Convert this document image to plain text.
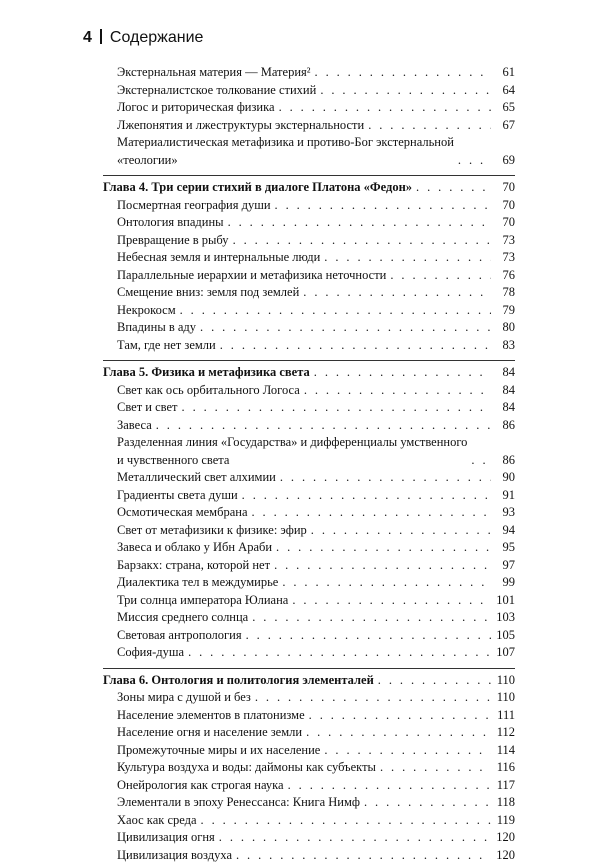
4 Содержание
Экстернальная материя — Материя² . . .	61
Экстерналистское толкование стихий . . .	64
Логос и риторическая физика . . .	65
Лжепонятия и лжеструктуры экстернальности . . .	67
Материалистическая метафизика и противо-Бог экстернальной
«теологии» . . .	69
Глава 4. Три серии стихий в диалоге Платона «Федон» . . .	70
Посмертная география души . . .	70
Онтология впадины . . .	70
Превращение в рыбу . . .	73
Небесная земля и интернальные люди . . .	73
Параллельные иерархии и метафизика неточности . . .	76
Смещение вниз: земля под землей . . .	78
Некрокосм . . .	79
Впадины в аду . . .	80
Там, где нет земли . . .	83
Глава 5. Физика и метафизика света . . .	84
Свет как ось орбитального Логоса . . .	84
Свет и свет . . .	84
Завеса . . .	86
Разделенная линия «Государства» и дифференциалы умственного
и чувственного света . . .	86
Металлический свет алхимии . . .	90
Градиенты света души . . .	91
Осмотическая мембрана . . .	93
Свет от метафизики к физике: эфир . . .	94
Завеса и облако у Ибн Араби . . .	95
Барзакх: страна, которой нет . . .	97
Диалектика тел в междумирье . . .	99
Три солнца императора Юлиана . . .	101
Миссия среднего солнца . . .	103
Световая антропология . . .	105
София-душа . . .	107
Глава 6. Онтология и политология элементалей . . .	110
Зоны мира с душой и без . . .	110
Население элементов в платонизме . . .	111
Население огня и население земли . . .	112
Промежуточные миры и их население . . .	114
Культура воздуха и воды: даймоны как субъекты . . .	116
Онейрология как строгая наука . . .	117
Элементали в эпоху Ренессанса: Книга Нимф . . .	118
Хаос как среда . . .	119
Цивилизация огня . . .	120
Цивилизация воздуха . . .	120
